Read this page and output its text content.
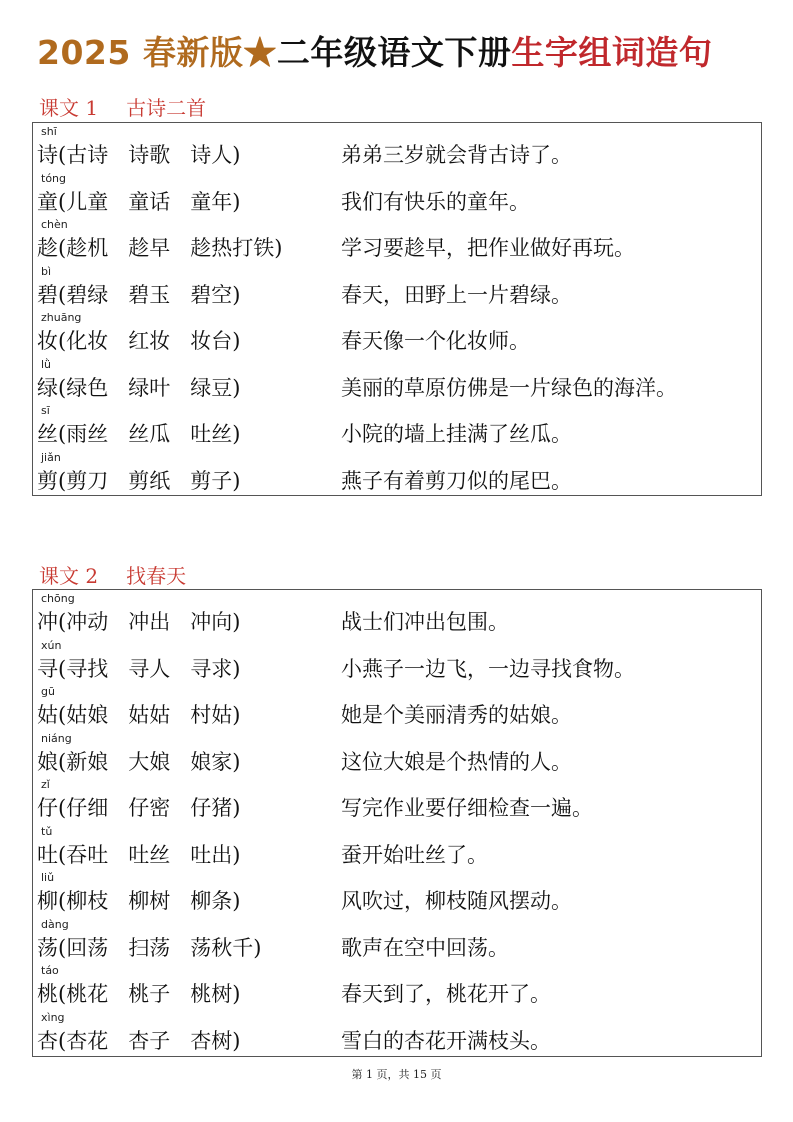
2025 春新版★二年级语文下册生字组词造句
课文 1 古诗二首
shī
诗(古诗 诗歌 诗人)	弟弟三岁就会背古诗了。
tóng
童(儿童 童话 童年)	我们有快乐的童年。
chèn
趁(趁机 趁早 趁热打铁)	学习要趁早，把作业做好再玩。
bì
碧(碧绿 碧玉 碧空)	春天，田野上一片碧绿。
zhuāng
妆(化妆 红妆 妆台)	春天像一个化妆师。
lǜ
绿(绿色 绿叶 绿豆)	美丽的草原仿佛是一片绿色的海洋。
sī
丝(雨丝 丝瓜 吐丝)	小院的墙上挂满了丝瓜。
jiǎn
剪(剪刀 剪纸 剪子)	燕子有着剪刀似的尾巴。
课文 2 找春天
chōng
冲(冲动 冲出 冲向)	战士们冲出包围。
xún
寻(寻找 寻人 寻求)	小燕子一边飞，一边寻找食物。
gū
姑(姑娘 姑姑 村姑)	她是个美丽清秀的姑娘。
niáng
娘(新娘 大娘 娘家)	这位大娘是个热情的人。
zǐ
仔(仔细 仔密 仔猪)	写完作业要仔细检查一遍。
tǔ
吐(吞吐 吐丝 吐出)	蚕开始吐丝了。
liǔ
柳(柳枝 柳树 柳条)	风吹过，柳枝随风摆动。
dàng
荡(回荡 扫荡 荡秋千)	歌声在空中回荡。
táo
桃(桃花 桃子 桃树)	春天到了，桃花开了。
xìng
杏(杏花 杏子 杏树)	雪白的杏花开满枝头。
第 1 页，共 15 页
